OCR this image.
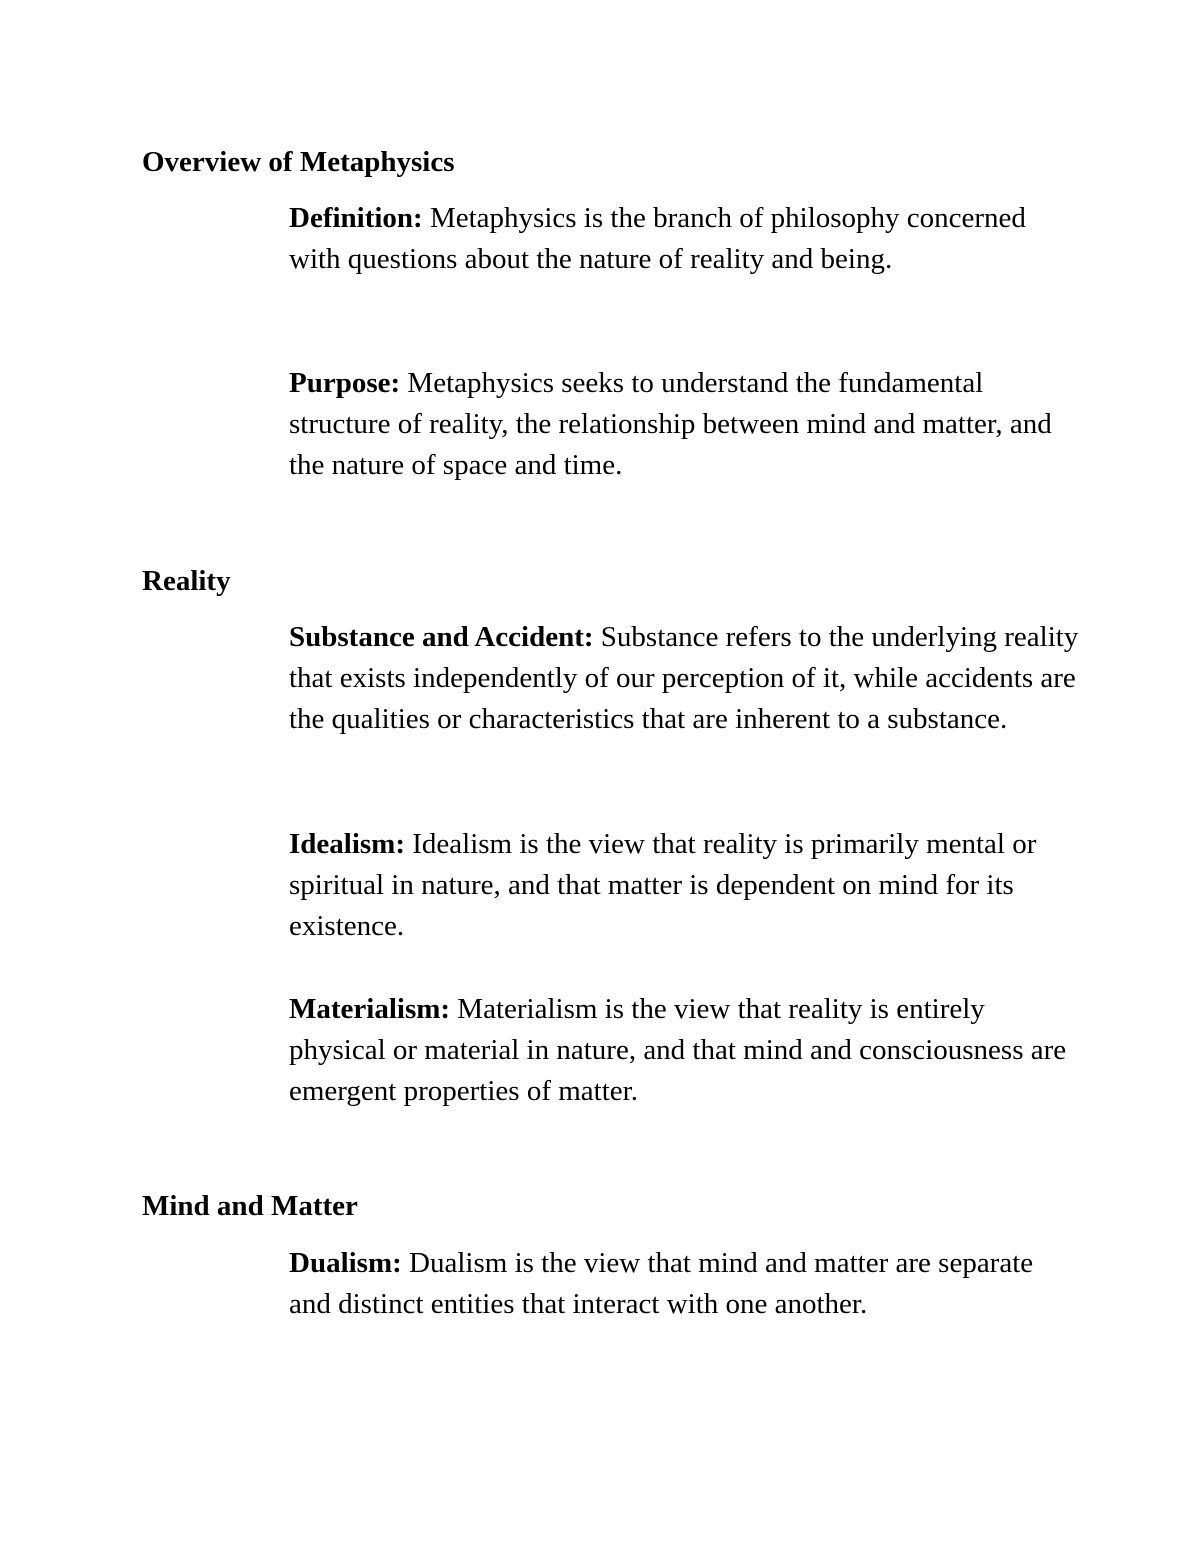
Overview of Metaphysics

Definition: Metaphysics is the branch of philosophy concerned with questions about the nature of reality and being.

Purpose: Metaphysics seeks to understand the fundamental structure of reality, the relationship between mind and matter, and the nature of space and time.

Reality

Substance and Accident: Substance refers to the underlying reality that exists independently of our perception of it, while accidents are the qualities or characteristics that are inherent to a substance.

Idealism: Idealism is the view that reality is primarily mental or spiritual in nature, and that matter is dependent on mind for its existence.

Materialism: Materialism is the view that reality is entirely physical or material in nature, and that mind and consciousness are emergent properties of matter.

Mind and Matter

Dualism: Dualism is the view that mind and matter are separate and distinct entities that interact with one another.
